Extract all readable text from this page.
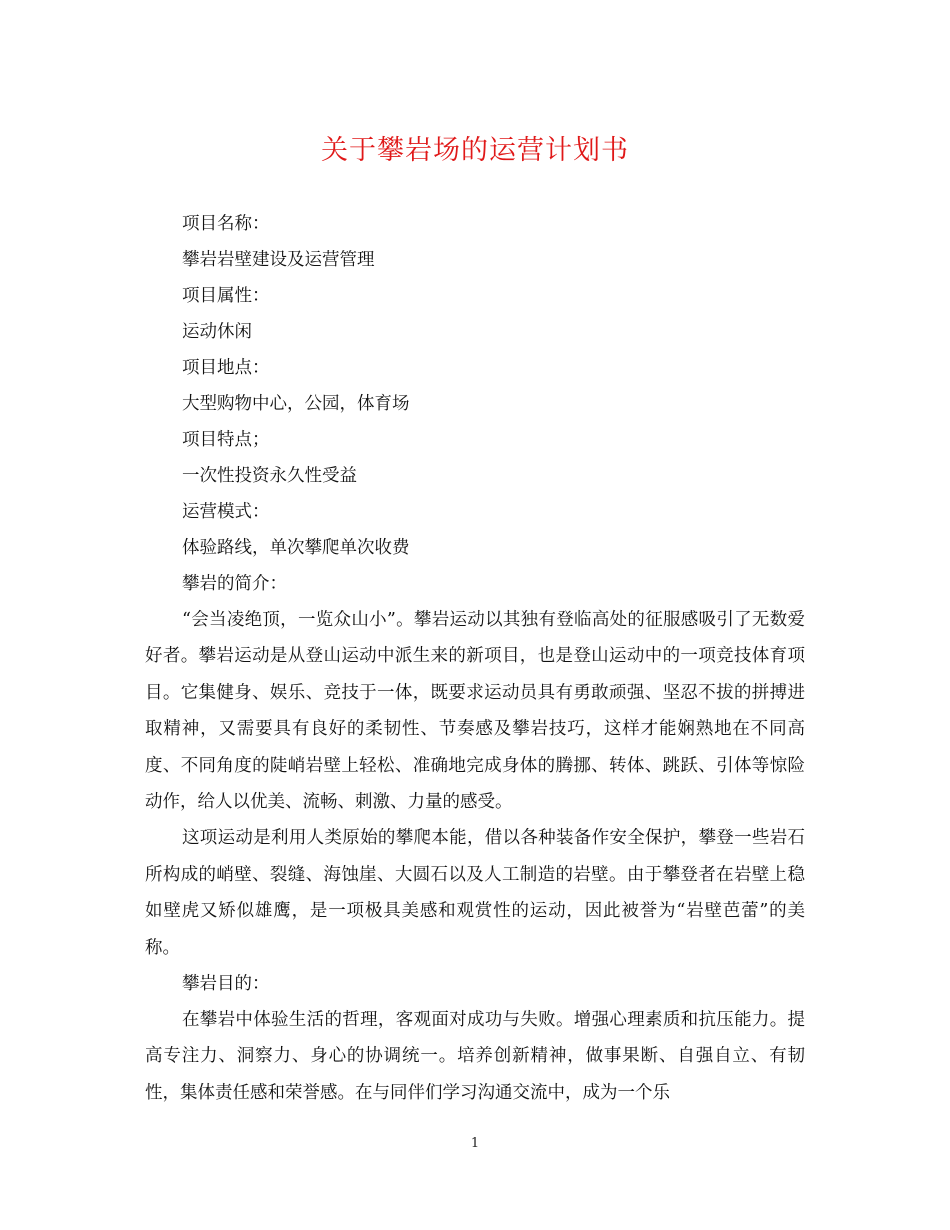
关于攀岩场的运营计划书
项目名称：
攀岩岩壁建设及运营管理
项目属性：
运动休闲
项目地点：
大型购物中心，公园，体育场
项目特点；
一次性投资永久性受益
运营模式：
体验路线，单次攀爬单次收费
攀岩的简介：

“会当凌绝顶，一览众山小”。攀岩运动以其独有登临高处的征服感吸引了无数爱好者。攀岩运动是从登山运动中派生来的新项目，也是登山运动中的一项竞技体育项目。它集健身、娱乐、竞技于一体，既要求运动员具有勇敢顽强、坚忍不拔的拼搏进取精神，又需要具有良好的柔韧性、节奏感及攀岩技巧，这样才能娴熟地在不同高度、不同角度的陡峭岩壁上轻松、准确地完成身体的腾挪、转体、跳跃、引体等惊险动作，给人以优美、流畅、刺激、力量的感受。

这项运动是利用人类原始的攀爬本能，借以各种装备作安全保护，攀登一些岩石所构成的峭壁、裂缝、海蚀崖、大圆石以及人工制造的岩壁。由于攀登者在岩壁上稳如壁虎又矫似雄鹰，是一项极具美感和观赏性的运动，因此被誉为“岩壁芭蕾”的美称。

攀岩目的：

在攀岩中体验生活的哲理，客观面对成功与失败。增强心理素质和抗压能力。提高专注力、洞察力、身心的协调统一。培养创新精神，做事果断、自强自立、有韧性，集体责任感和荣誉感。在与同伴们学习沟通交流中，成为一个乐

1
